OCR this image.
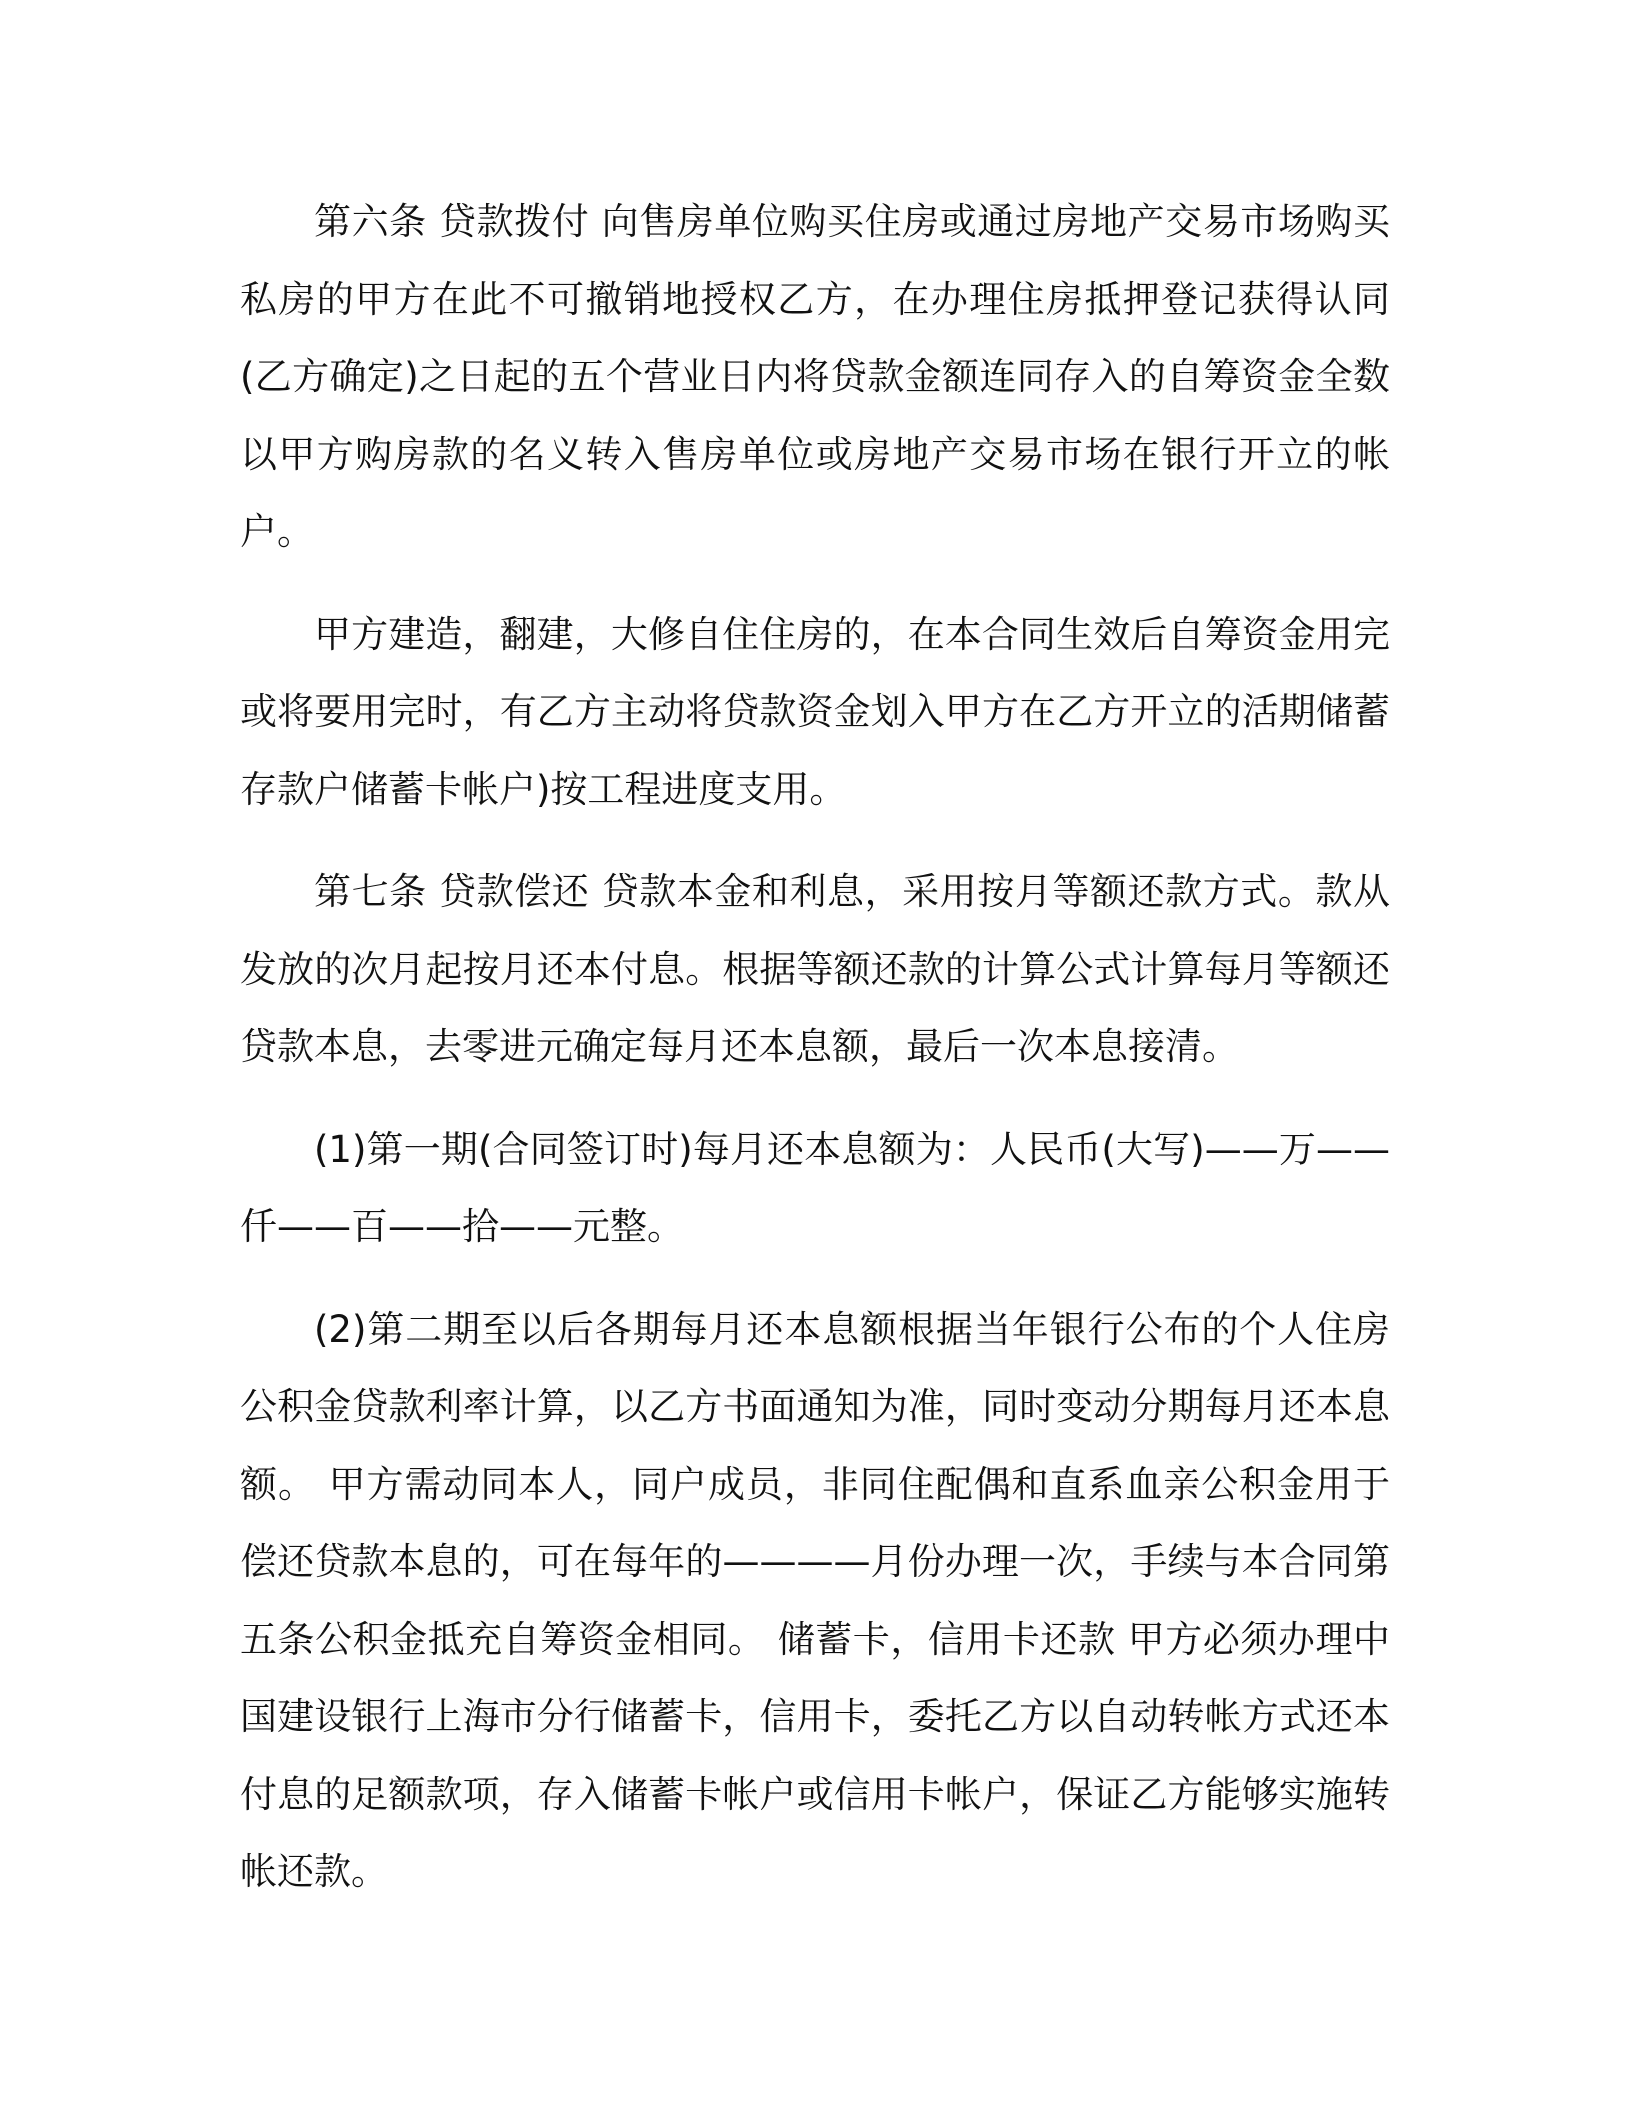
第六条 贷款拨付 向售房单位购买住房或通过房地产交易市场购买私房的甲方在此不可撤销地授权乙方，在办理住房抵押登记获得认同(乙方确定)之日起的五个营业日内将贷款金额连同存入的自筹资金全数以甲方购房款的名义转入售房单位或房地产交易市场在银行开立的帐户。

甲方建造，翻建，大修自住住房的，在本合同生效后自筹资金用完或将要用完时，有乙方主动将贷款资金划入甲方在乙方开立的活期储蓄存款户储蓄卡帐户)按工程进度支用。

第七条 贷款偿还 贷款本金和利息，采用按月等额还款方式。款从发放的次月起按月还本付息。根据等额还款的计算公式计算每月等额还贷款本息，去零进元确定每月还本息额，最后一次本息接清。

(1)第一期(合同签订时)每月还本息额为：人民币(大写)——万——仟——百——拾——元整。

(2)第二期至以后各期每月还本息额根据当年银行公布的个人住房公积金贷款利率计算，以乙方书面通知为准，同时变动分期每月还本息额。 甲方需动同本人，同户成员，非同住配偶和直系血亲公积金用于偿还贷款本息的，可在每年的————月份办理一次，手续与本合同第五条公积金抵充自筹资金相同。 储蓄卡，信用卡还款 甲方必须办理中国建设银行上海市分行储蓄卡，信用卡，委托乙方以自动转帐方式还本付息的足额款项，存入储蓄卡帐户或信用卡帐户，保证乙方能够实施转帐还款。
